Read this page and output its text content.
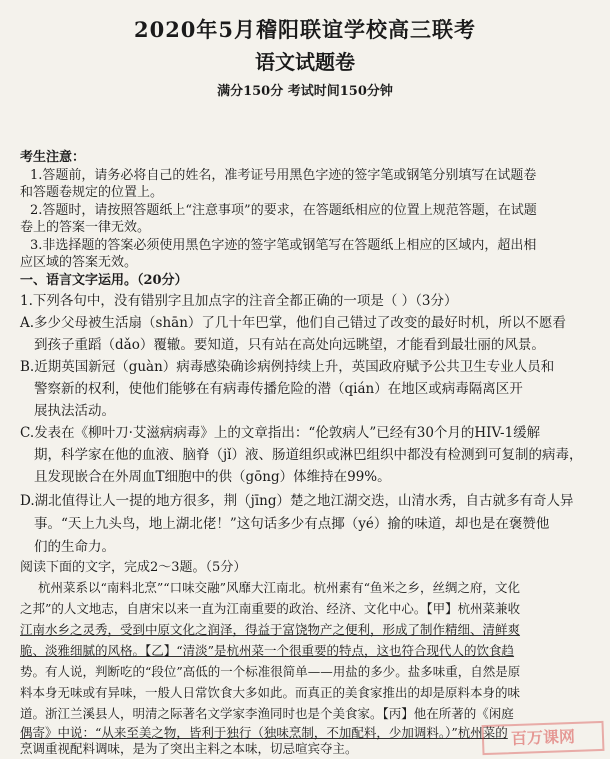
2020年5月稽阳联谊学校高三联考
语文试题卷
满分150分 考试时间150分钟
考生注意：
1.答题前，请务必将自己的姓名，准考证号用黑色字迹的签字笔或钢笔分别填写在试题卷
和答题卷规定的位置上。
2.答题时，请按照答题纸上“注意事项”的要求，在答题纸相应的位置上规范答题，在试题
卷上的答案一律无效。
3.非选择题的答案必须使用黑色字迹的签字笔或钢笔写在答题纸上相应的区域内，超出相
应区域的答案无效。
一、语言文字运用。（20分）
1.下列各句中，没有错别字且加点字的注音全都正确的一项是（ ）（3分）
A.多少父母被生活扇（shān）了几十年巴掌，他们自己错过了改变的最好时机，所以不愿看
到孩子重蹈（dǎo）覆辙。要知道，只有站在高处向远眺望，才能看到最壮丽的风景。
B.近期英国新冠（guàn）病毒感染确诊病例持续上升，英国政府赋予公共卫生专业人员和
警察新的权利，使他们能够在有病毒传播危险的潜（qián）在地区或病毒隔离区开
展执法活动。
C.发表在《柳叶刀·艾滋病病毒》上的文章指出：“伦敦病人”已经有30个月的HIV-1缓解
期，科学家在他的血液、脑脊（jǐ）液、肠道组织或淋巴组织中都没有检测到可复制的病毒，
且发现嵌合在外周血T细胞中的供（gōng）体维持在99%。
D.湖北值得让人一提的地方很多，荆（jīng）楚之地江湖交迭，山清水秀，自古就多有奇人异
事。“天上九头鸟，地上湖北佬！”这句话多少有点揶（yé）揄的味道，却也是在褒赞他
们的生命力。
阅读下面的文字，完成2～3题。（5分）
杭州菜系以“南料北烹”“口味交融”风靡大江南北。杭州素有“鱼米之乡，丝绸之府，文化
之邦”的人文地志，自唐宋以来一直为江南重要的政治、经济、文化中心。【甲】杭州菜兼收
江南水乡之灵秀，受到中原文化之润泽，得益于富饶物产之便利，形成了制作精细、清鲜爽
脆、淡雅细腻的风格。【乙】“清淡”是杭州菜一个很重要的特点，这也符合现代人的饮食趋
势。有人说，判断吃的“段位”高低的一个标准很简单——用盐的多少。盐多味重，自然是原
料本身无味或有异味，一般人日常饮食大多如此。而真正的美食家推出的却是原料本身的味
道。浙江兰溪县人，明清之际著名文学家李渔同时也是个美食家。【丙】他在所著的《闲庭
偶寄》中说：“从来至美之物，皆利于独行（独味烹制，不加配料，少加调料。）”杭州菜的
烹调重视配料调味，是为了突出主料之本味，切忌喧宾夺主。
百万课网
